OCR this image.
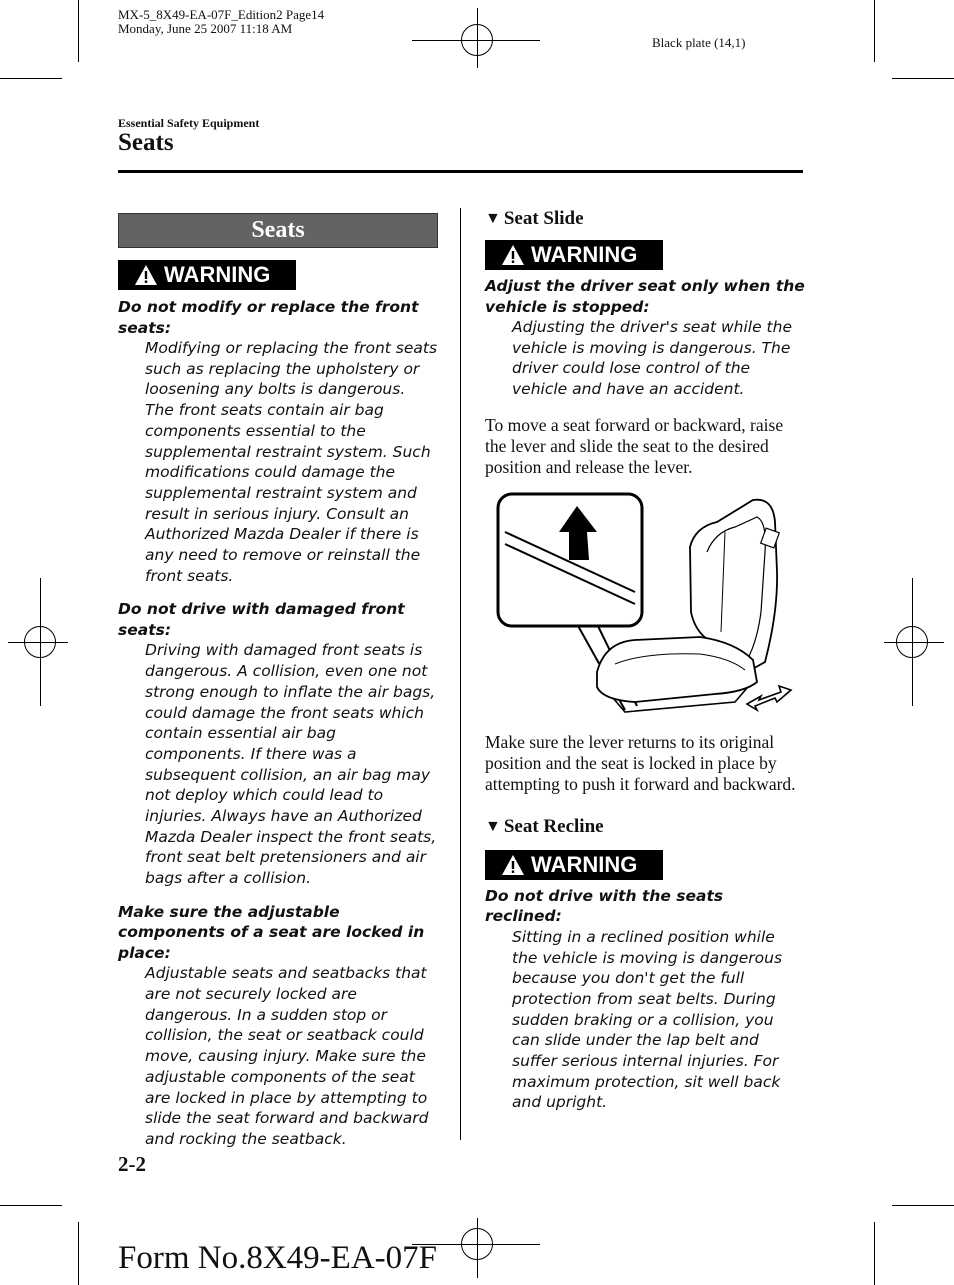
MX-5_8X49-EA-07F_Edition2 Page14
Monday, June 25 2007 11:18 AM
Black plate (14,1)
Essential Safety Equipment
Seats
Seats
WARNING
Do not modify or replace the front seats:
Modifying or replacing the front seats such as replacing the upholstery or loosening any bolts is dangerous. The front seats contain air bag components essential to the supplemental restraint system. Such modifications could damage the supplemental restraint system and result in serious injury. Consult an Authorized Mazda Dealer if there is any need to remove or reinstall the front seats.
Do not drive with damaged front seats:
Driving with damaged front seats is dangerous. A collision, even one not strong enough to inflate the air bags, could damage the front seats which contain essential air bag components. If there was a subsequent collision, an air bag may not deploy which could lead to injuries. Always have an Authorized Mazda Dealer inspect the front seats, front seat belt pretensioners and air bags after a collision.
Make sure the adjustable components of a seat are locked in place:
Adjustable seats and seatbacks that are not securely locked are dangerous. In a sudden stop or collision, the seat or seatback could move, causing injury. Make sure the adjustable components of the seat are locked in place by attempting to slide the seat forward and backward and rocking the seatback.
▼ Seat Slide
WARNING
Adjust the driver seat only when the vehicle is stopped:
Adjusting the driver's seat while the vehicle is moving is dangerous. The driver could lose control of the vehicle and have an accident.
To move a seat forward or backward, raise the lever and slide the seat to the desired position and release the lever.
Make sure the lever returns to its original position and the seat is locked in place by attempting to push it forward and backward.
▼ Seat Recline
WARNING
Do not drive with the seats reclined:
Sitting in a reclined position while the vehicle is moving is dangerous because you don't get the full protection from seat belts. During sudden braking or a collision, you can slide under the lap belt and suffer serious internal injuries. For maximum protection, sit well back and upright.
2-2
Form No.8X49-EA-07F
